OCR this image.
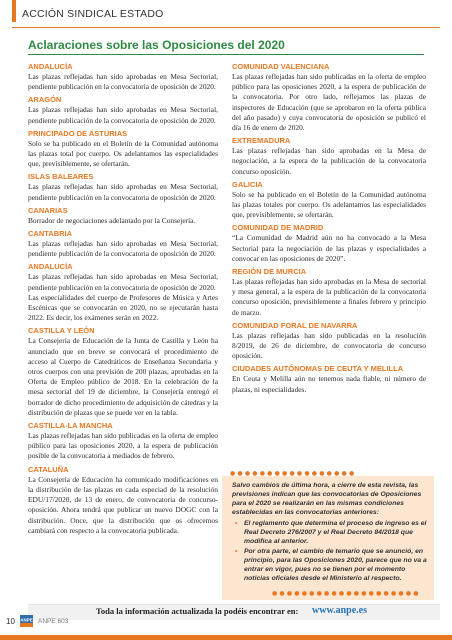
ACCIÓN SINDICAL ESTADO
Aclaraciones sobre las Oposiciones del 2020
ANDALUCÍA

Las plazas reflejadas han sido aprobadas en Mesa Sectorial, pendiente publicación en la convocatoria de oposición de 2020.

ARAGÓN

Las plazas reflejadas han sido aprobadas en Mesa Sectorial, pendiente publicación de la convocatoria de oposición de 2020.

PRINCIPADO DE ASTURIAS

Solo se ha publicado en el Boletín de la Comunidad autónoma las plazas total por cuerpo. Os adelantamos las especialidades que, previsiblemente, se ofertarán.

ISLAS BALEARES

Las plazas reflejadas han sido aprobadas en Mesa Sectorial, pendiente publicación en la convocatoria de oposición de 2020.

CANARIAS

Borrador de negociaciones adelantado por la Consejería.

CANTABRIA

Las plazas reflejadas han sido aprobadas en Mesa Sectorial, pendiente publicación de la convocatoria de oposición de 2020.

ANDALUCÍA

Las plazas reflejadas han sido aprobadas en Mesa Sectorial, pendiente publicación en la convocatoria de oposición de 2020.

Las especialidades del cuerpo de Profesores de Música y Artes Escénicas que se convocarán en 2020, no se ejecutarán hasta 2022. Es decir, los exámenes serán en 2022.

CASTILLA Y LEÓN

La Consejería de Educación de la Junta de Castilla y León ha anunciado que en breve se convocará el procedimiento de acceso al Cuerpo de Catedráticos de Enseñanza Secundaria y otros cuerpos con una previsión de 200 plazas, aprobadas en la Oferta de Empleo público de 2018. En la celebración de la mesa sectorial del 19 de diciembre, la Consejería entregó el borrador de dicho procedimiento de adquisición de cátedras y la distribución de plazas que se puede ver en la tabla.

CASTILLA-LA MANCHA

Las plazas reflejadas han sido publicadas en la oferta de empleo público para las oposiciones 2020, a la espera de publicación posible de la convocatoria a mediados de febrero.

CATALUÑA

La Consejería de Educación ha comunicado modificaciones en la distribución de las plazas en cada especiad de la resolución EDU/17/2020, de 13 de enero, de convocatoria de concurso-oposición. Ahora tendrá que publicar un nuevo DOGC con la distribución. Once, que la distribución que os ofrecemos cambiará con respecto a la convocatoria publicada.

COMUNIDAD VALENCIANA

Las plazas reflejadas han sido publicadas en la oferta de empleo público para las oposiciones 2020, a la espera de publicación de la convocatoria. Por otro lado, reflejamos las plazas de inspectores de Educación (que se aprobaron en la oferta pública del año pasado) y cuya convocatoria de oposición se publicó el día 16 de enero de 2020.

EXTREMADURA

Las plazas reflejadas han sido aprobadas en la Mesa de negociación, a la espera de la publicación de la convocatoria concurso oposición.

GALICIA

Solo se ha publicado en el Boletín de la Comunidad autónoma las plazas totales por cuerpo. Os adelantamos las especialidades que, previsiblemente, se ofertarán.

COMUNIDAD DE MADRID

“La Comunidad de Madrid aún no ha convocado a la Mesa Sectorial para la negociación de las plazas y especialidades a convocar en las oposiciones de 2020”.

REGIÓN DE MURCIA

Las plazas reflejadas han sido aprobadas en la Mesa de sectorial y mesa general, a la espera de la publicación de la convocatoria concurso oposición, previsiblemente a finales febrero y principio de marzo.

COMUNIDAD FORAL DE NAVARRA

Las plazas reflejadas han sido publicadas en la resolución 8/2019, de 26 de diciembre, de convocatoria de concurso oposición.

CIUDADES AUTÓNOMAS DE CEUTA Y MELILLA

En Ceuta y Melilla aún no tenemos nada fiable, ni número de plazas, ni especialidades.

●●●●●●●●●●●●●●●●●

Salvo cambios de última hora, a cierre de esta revista, las previsiones indican que las convocatorias de Oposiciones para el 2020 se realizarán en las mismas condiciones establecidas en las convocatorias anteriores:

• El reglamento que determina el proceso de ingreso es el Real Decreto 276/2007 y el Real Decreto 84/2018 que modifica al anterior.
• Por otra parte, el cambio de temario que se anunció, en principio, para las Oposiciones 2020, parece que no va a entrar en vigor, pues no se tienen por el momento noticias oficiales desde el Ministerio al respecto.
●●●●●●●●●●●●●●●●●●●●
Toda la información actualizada la podéis encontrar en: www.anpe.es
10 ANPE ANPE 603
